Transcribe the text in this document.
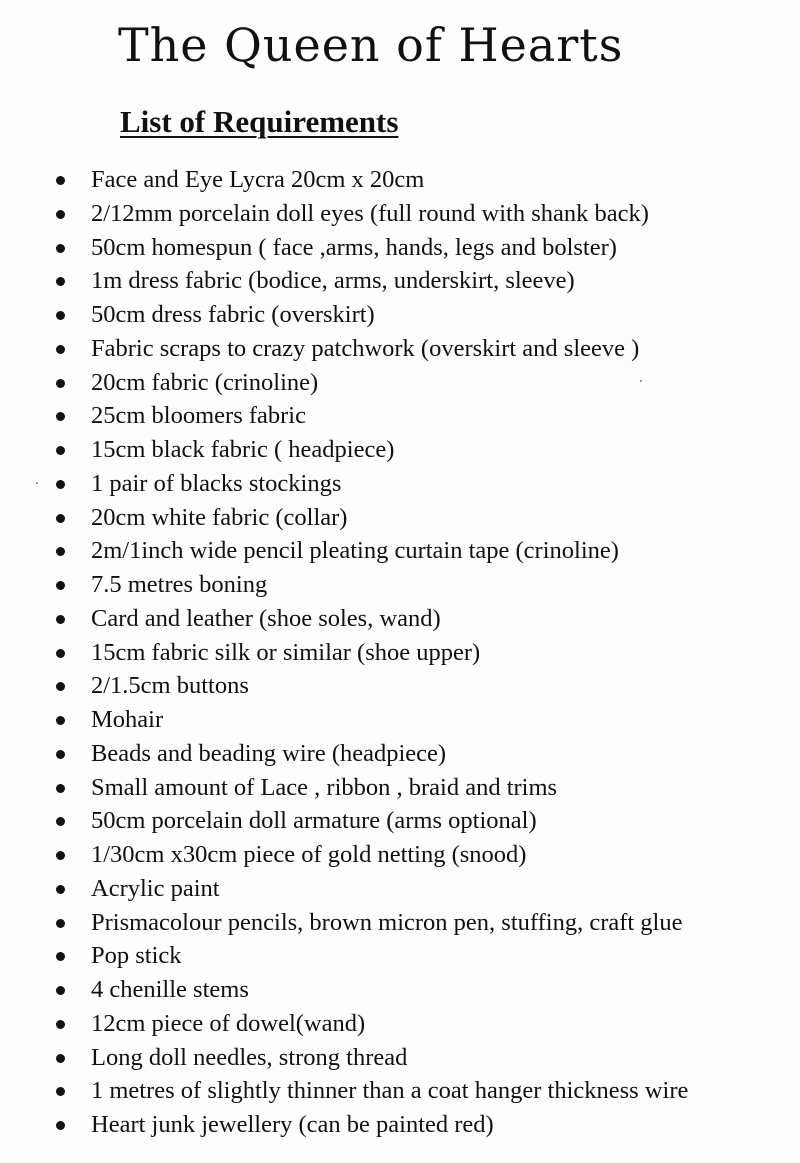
The Queen of Hearts
List of Requirements
Face and Eye Lycra 20cm x 20cm
2/12mm porcelain doll eyes (full round with shank back)
50cm homespun ( face ,arms, hands, legs and bolster)
1m dress fabric (bodice, arms, underskirt, sleeve)
50cm dress fabric (overskirt)
Fabric scraps to crazy patchwork (overskirt and sleeve )
20cm fabric (crinoline)
25cm bloomers fabric
15cm black fabric ( headpiece)
1 pair of blacks stockings
20cm white fabric (collar)
2m/1inch wide pencil pleating curtain tape (crinoline)
7.5 metres boning
Card and leather (shoe soles, wand)
15cm fabric silk or similar (shoe upper)
2/1.5cm buttons
Mohair
Beads and beading wire (headpiece)
Small amount of Lace , ribbon , braid and trims
50cm porcelain doll armature (arms optional)
1/30cm x30cm piece of gold netting (snood)
Acrylic paint
Prismacolour pencils, brown micron pen, stuffing, craft glue
Pop stick
4 chenille stems
12cm piece of dowel(wand)
Long doll needles, strong thread
1 metres of slightly thinner than a coat hanger thickness wire
Heart junk jewellery (can be painted red)
